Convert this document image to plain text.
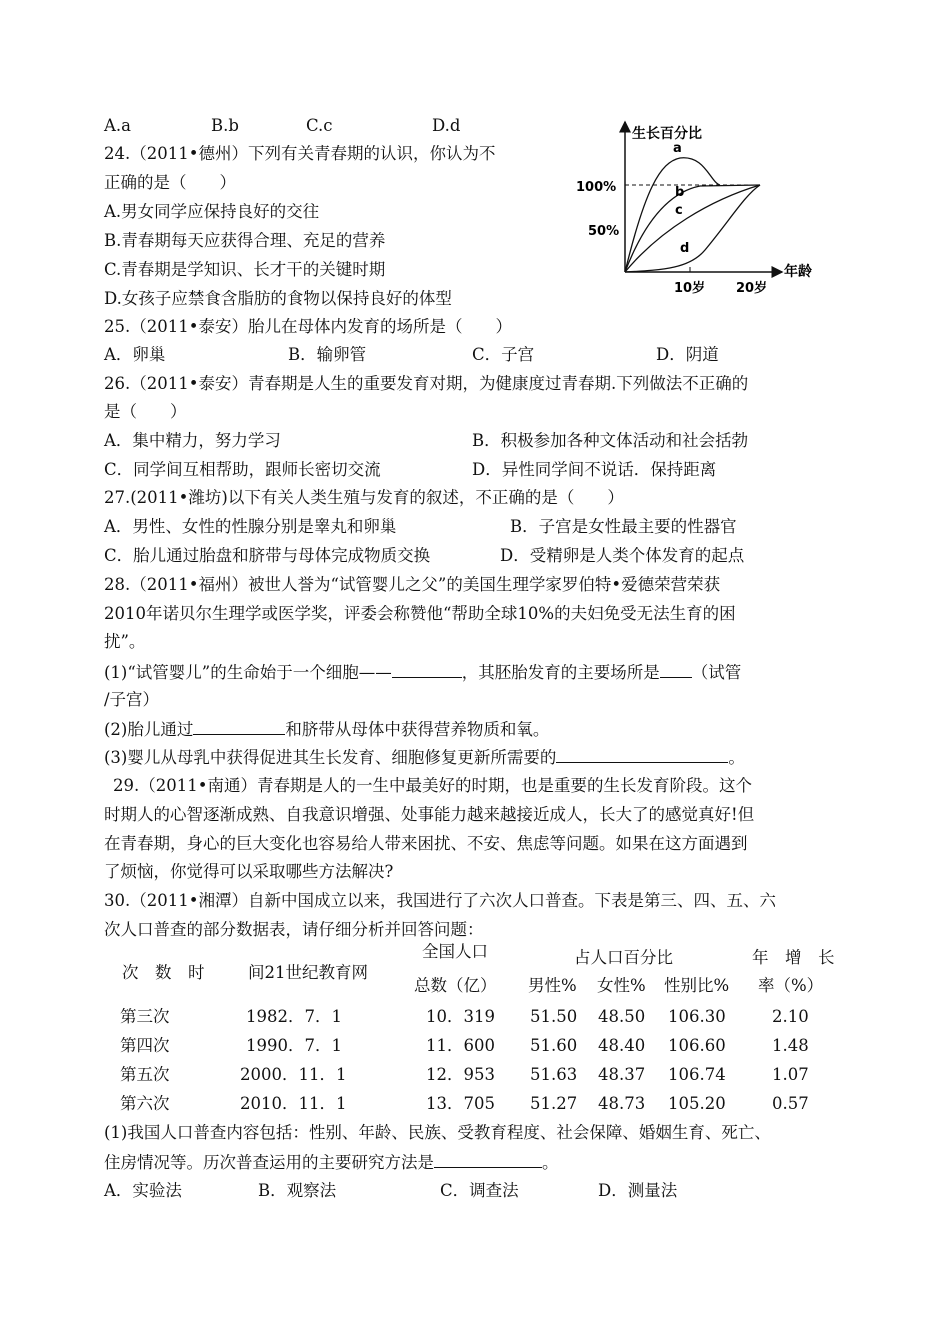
A.a	B.b	C.c	D.d
24.（2011•德州）下列有关青春期的认识，你认为不
正确的是（　　）
A.男女同学应保持良好的交往
B.青春期每天应获得合理、充足的营养
C.青春期是学知识、长才干的关键时期
D.女孩子应禁食含脂肪的食物以保持良好的体型
生长百分比
年龄
100%
50%
10岁 20岁
a
b
c
d
25.（2011•泰安）胎儿在母体内发育的场所是（　　）
A．卵巢	B．输卵管	C．子宫	D．阴道
26.（2011•泰安）青春期是人生的重要发育对期，为健康度过青春期.下列做法不正确的
是（　　）
A．集中精力，努力学习	B．积极参加各种文体活动和社会括勃
C．同学间互相帮助，跟师长密切交流	D．异性同学间不说话．保持距离
27.(2011•潍坊)以下有关人类生殖与发育的叙述，不正确的是（　　）
A．男性、女性的性腺分别是睾丸和卵巢	B．子宫是女性最主要的性器官
C．胎儿通过胎盘和脐带与母体完成物质交换	D．受精卵是人类个体发育的起点
28.（2011•福州）被世人誉为“试管婴儿之父”的美国生理学家罗伯特•爱德荣营荣获
2010年诺贝尔生理学或医学奖，评委会称赞他“帮助全球10%的夫妇免受无法生育的困
扰”。
(1)“试管婴儿”的生命始于一个细胞——	，其胚胎发育的主要场所是 （试管
/子宫）
(2)胎儿通过	和脐带从母体中获得营养物质和氧。
(3)婴儿从母乳中获得促进其生长发育、细胞修复更新所需要的	。
29.（2011•南通）青春期是人的一生中最美好的时期，也是重要的生长发育阶段。这个
时期人的心智逐渐成熟、自我意识增强、处事能力越来越接近成人，长大了的感觉真好!但
在青春期，身心的巨大变化也容易给人带来困扰、不安、焦虑等问题。如果在这方面遇到
了烦恼，你觉得可以采取哪些方法解决?
30.（2011•湘潭）自新中国成立以来，我国进行了六次人口普查。下表是第三、四、五、六
次人口普查的部分数据表，请仔细分析并回答问题：
次　数　时	间21世纪教育网
全国人口
总数（亿）
占人口百分比
男性% 女性% 性别比%
年　增　长
率（%）
第三次	1982．7．1	10．319 51.50 48.50 106.30	2.10
第四次	1990．7．1	11．600 51.60 48.40 106.60	1.48
第五次	2000．11．1	12．953 51.63 48.37 106.74	1.07
第六次	2010．11．1	13．705 51.27 48.73 105.20	0.57
(1)我国人口普查内容包括：性别、年龄、民族、受教育程度、社会保障、婚姻生育、死亡、
住房情况等。历次普查运用的主要研究方法是	。
A．实验法	B．观察法	C．调查法	D．测量法
